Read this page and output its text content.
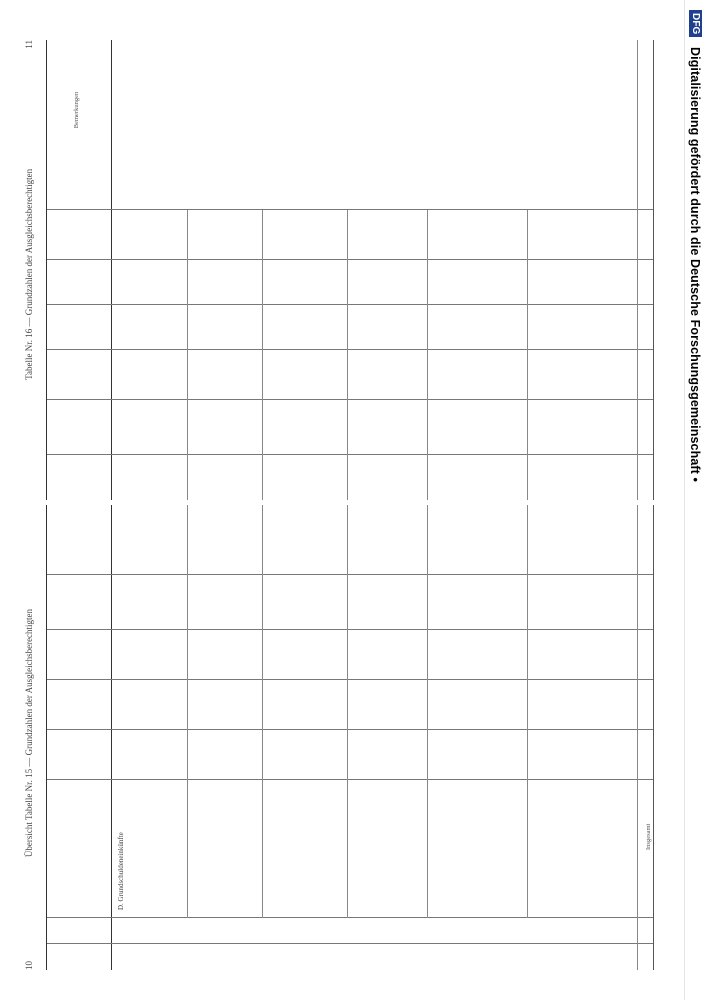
DFG Digitalisierung gefördert durch die Deutsche Forschungsgemeinschaft •
10
Übersicht Tabelle Nr. 15 — Grundzahlen der Ausgleichsberechtigten
D. Grundschuldeneinkünfte	Insgesamt
Tabelle Nr. 16 — Grundzahlen der Ausgleichsberechtigten
11
Bemerkungen
